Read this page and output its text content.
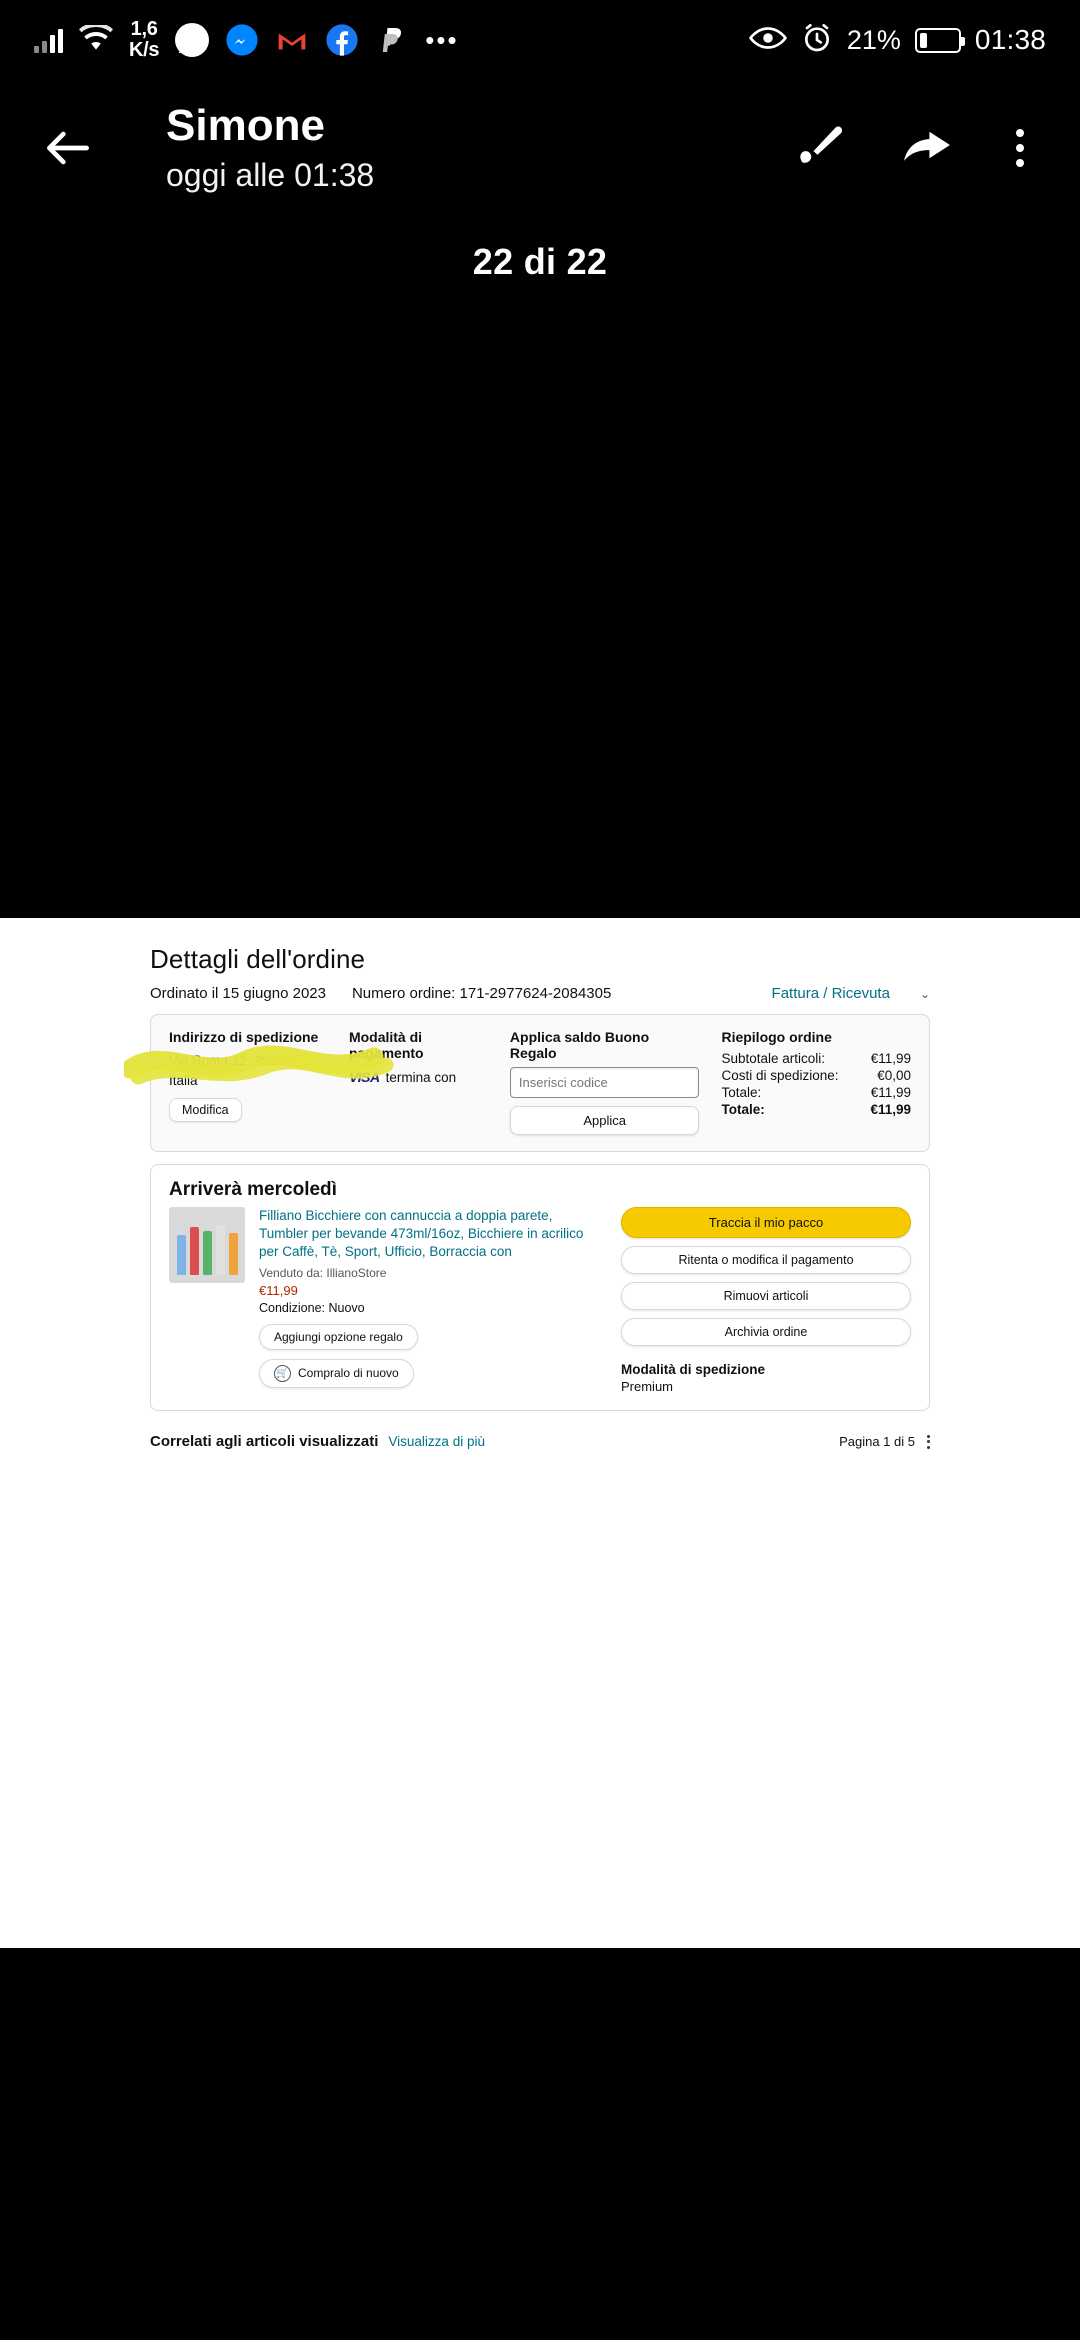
1,6
K/s	•••	21%	01:38
Simone
oggi alle 01:38
22 di 22
Dettagli dell'ordine
Ordinato il 15 giugno 2023 Numero ordine: 171-2977624-2084305	Fattura / Ricevuta	⌄
Indirizzo di spedizione
Via Roma 12, 20100
Italia
Modifica
Modalità di pagamento
VISA termina con
Applica saldo Buono Regalo
Inserisci codice Applica
Riepilogo ordine
Subtotale articoli:	€11,99
Costi di spedizione:	€0,00
Totale:	€11,99
Totale:	€11,99
Arriverà mercoledì
Filliano Bicchiere con cannuccia a doppia parete, Tumbler per bevande 473ml/16oz, Bicchiere in acrilico per Caffè, Tè, Sport, Ufficio, Borraccia con
Venduto da: IllianoStore
€11,99
Condizione: Nuovo
Aggiungi opzione regalo
🛒 Compralo di nuovo
Traccia il mio pacco
Ritenta o modifica il pagamento
Rimuovi articoli
Archivia ordine
Modalità di spedizione
Premium
Correlati agli articoli visualizzati Visualizza di più	Pagina 1 di 5
